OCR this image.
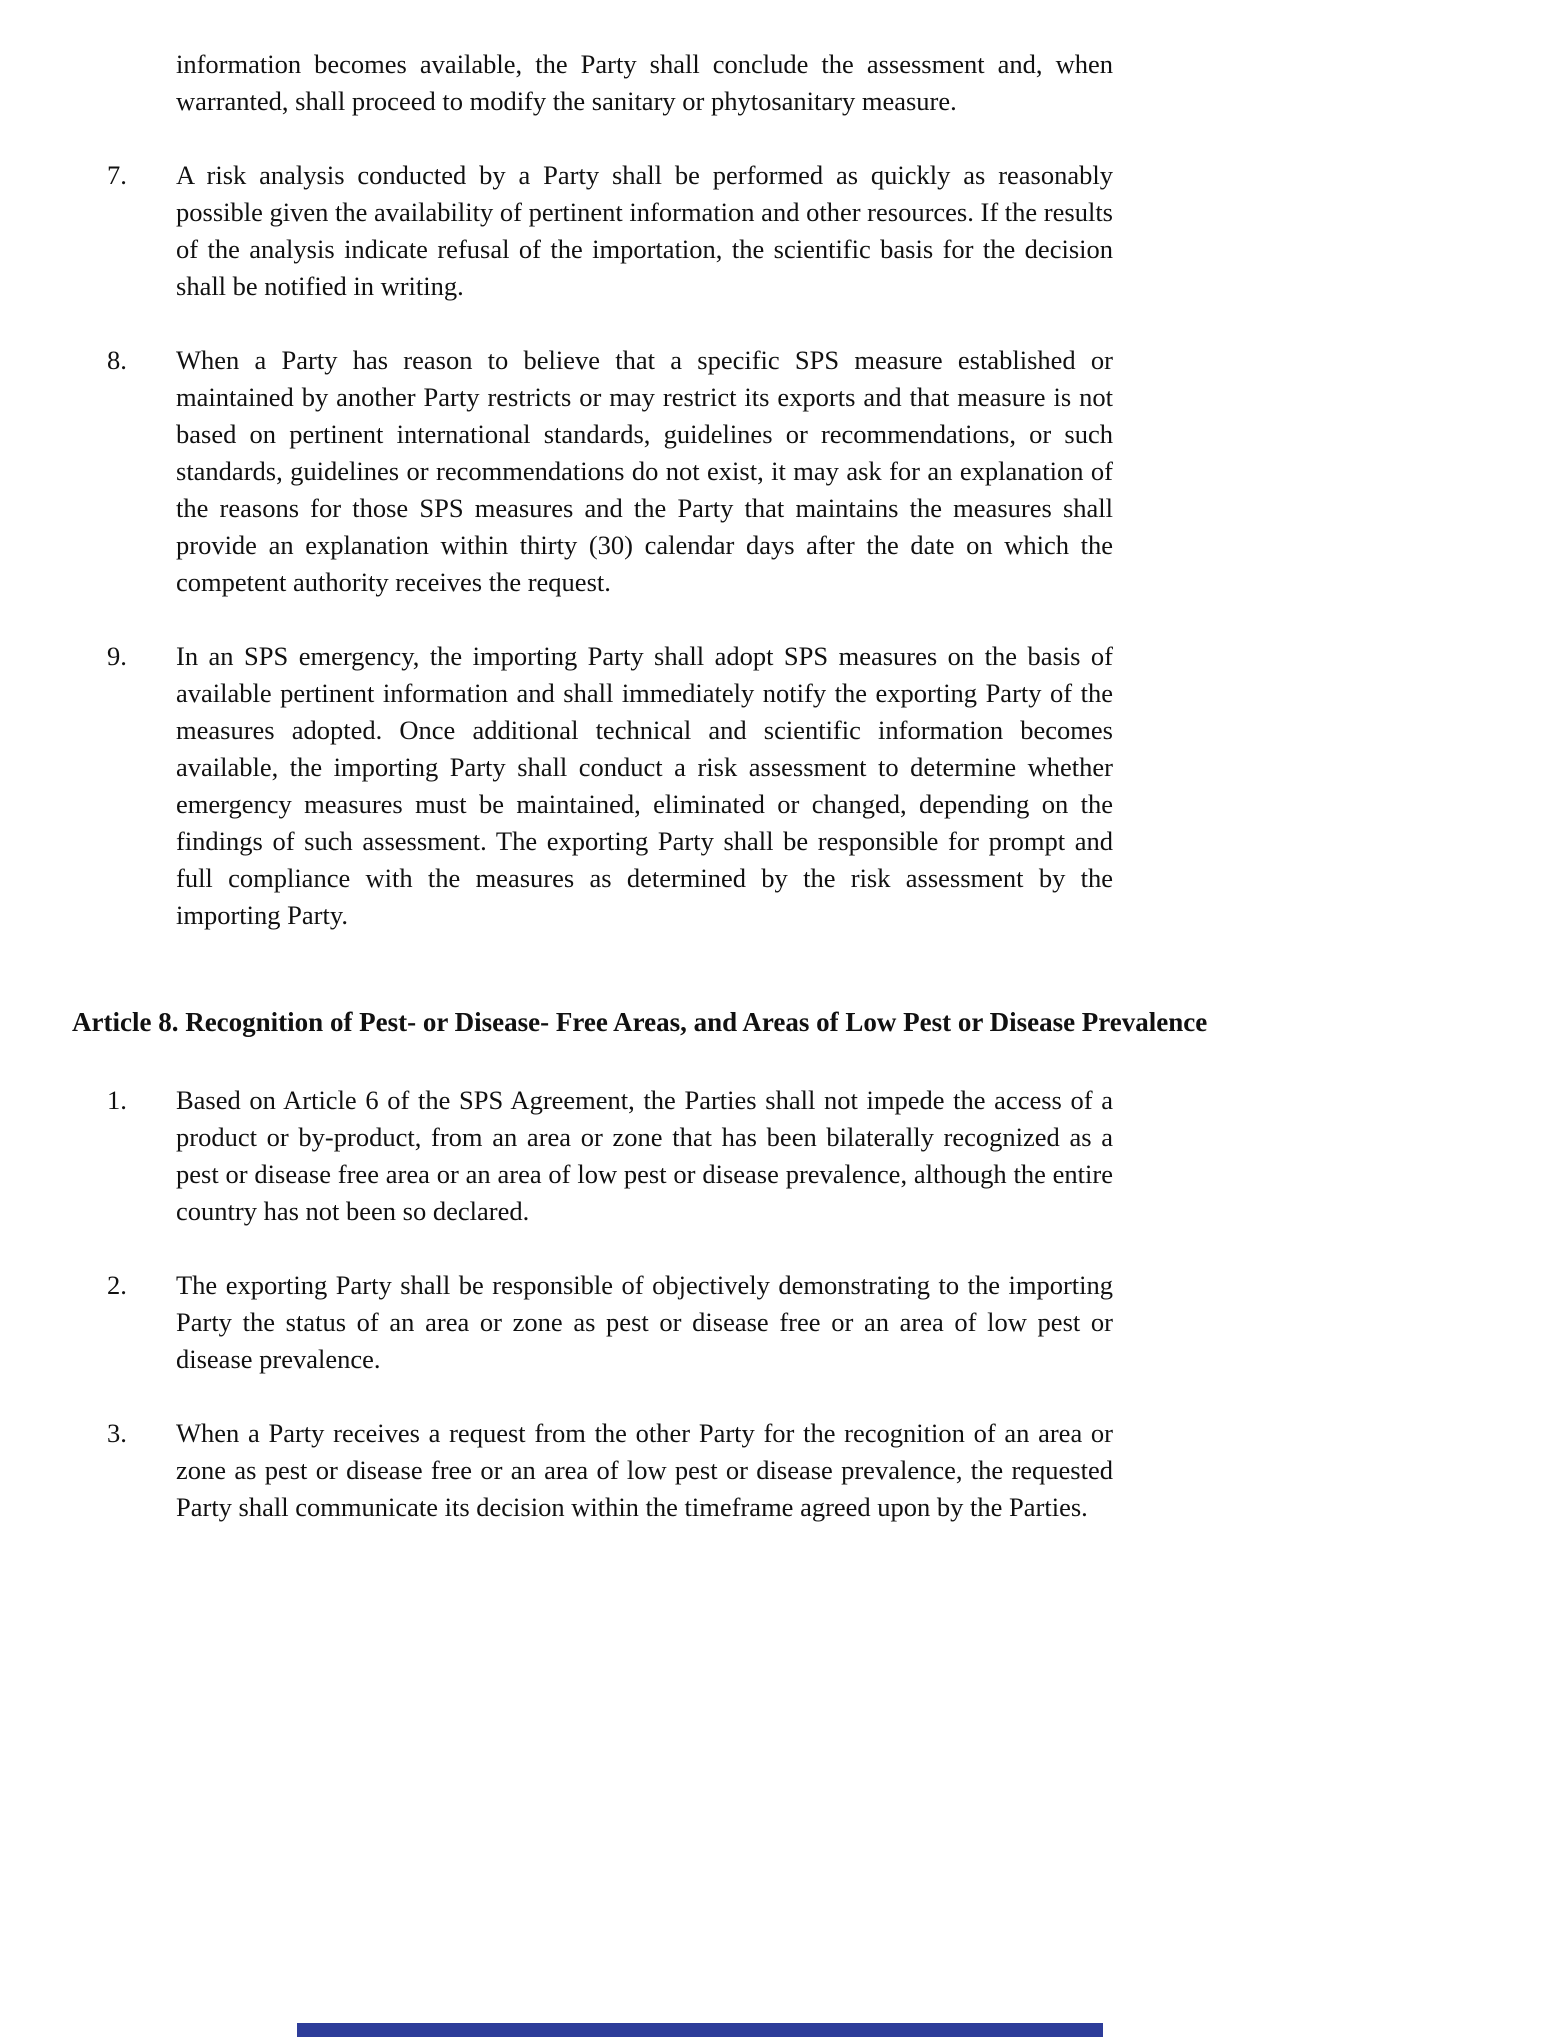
information becomes available, the Party shall conclude the assessment and, when warranted, shall proceed to modify the sanitary or phytosanitary measure.
7.	A risk analysis conducted by a Party shall be performed as quickly as reasonably possible given the availability of pertinent information and other resources. If the results of the analysis indicate refusal of the importation, the scientific basis for the decision shall be notified in writing.
8.	When a Party has reason to believe that a specific SPS measure established or maintained by another Party restricts or may restrict its exports and that measure is not based on pertinent international standards, guidelines or recommendations, or such standards, guidelines or recommendations do not exist, it may ask for an explanation of the reasons for those SPS measures and the Party that maintains the measures shall provide an explanation within thirty (30) calendar days after the date on which the competent authority receives the request.
9.	In an SPS emergency, the importing Party shall adopt SPS measures on the basis of available pertinent information and shall immediately notify the exporting Party of the measures adopted. Once additional technical and scientific information becomes available, the importing Party shall conduct a risk assessment to determine whether emergency measures must be maintained, eliminated or changed, depending on the findings of such assessment. The exporting Party shall be responsible for prompt and full compliance with the measures as determined by the risk assessment by the importing Party.
Article 8. Recognition of Pest- or Disease- Free Areas, and Areas of Low Pest or Disease Prevalence
1.	Based on Article 6 of the SPS Agreement, the Parties shall not impede the access of a product or by-product, from an area or zone that has been bilaterally recognized as a pest or disease free area or an area of low pest or disease prevalence, although the entire country has not been so declared.
2.	The exporting Party shall be responsible of objectively demonstrating to the importing Party the status of an area or zone as pest or disease free or an area of low pest or disease prevalence.
3.	When a Party receives a request from the other Party for the recognition of an area or zone as pest or disease free or an area of low pest or disease prevalence, the requested Party shall communicate its decision within the timeframe agreed upon by the Parties.
